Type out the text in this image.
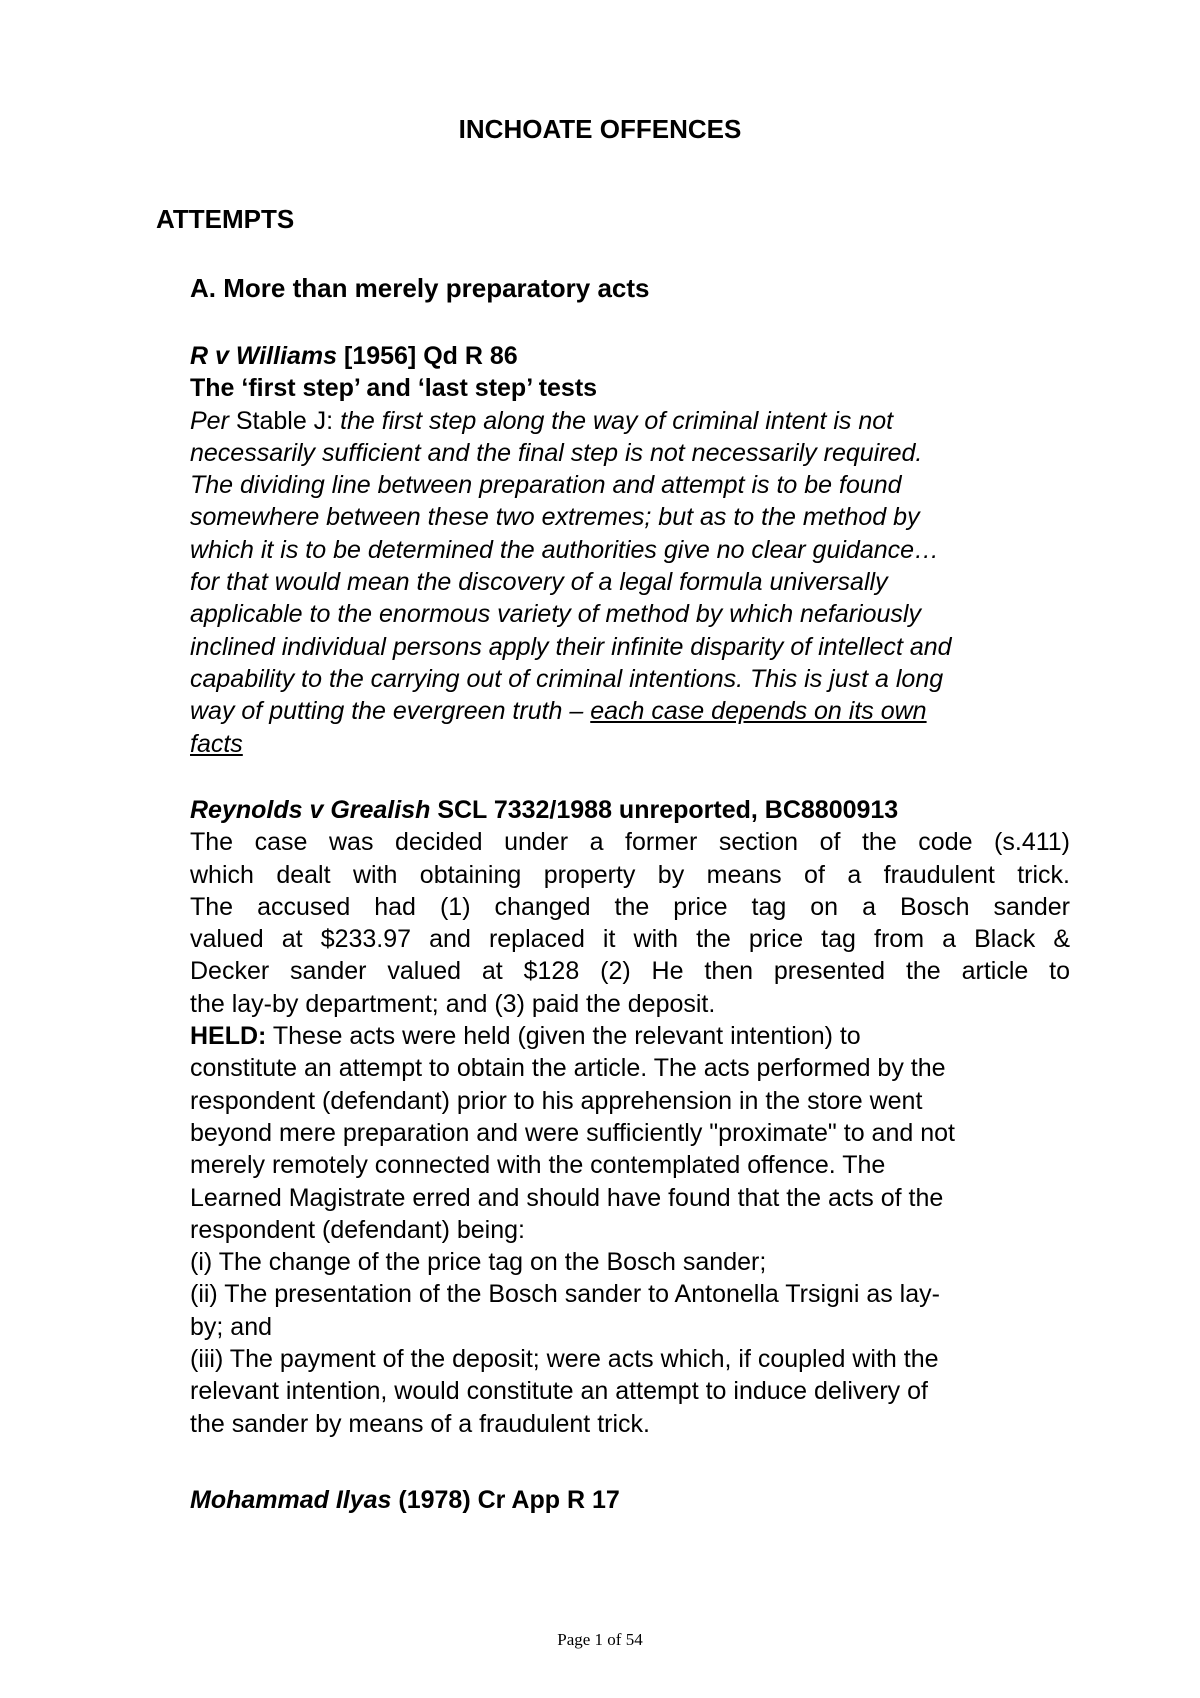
INCHOATE OFFENCES
ATTEMPTS
A. More than merely preparatory acts
R v Williams [1956] Qd R 86
The ‘first step’ and ‘last step’ tests
Per Stable J: the first step along the way of criminal intent is not
necessarily sufficient and the final step is not necessarily required.
The dividing line between preparation and attempt is to be found
somewhere between these two extremes; but as to the method by
which it is to be determined the authorities give no clear guidance…
for that would mean the discovery of a legal formula universally
applicable to the enormous variety of method by which nefariously
inclined individual persons apply their infinite disparity of intellect and
capability to the carrying out of criminal intentions. This is just a long
way of putting the evergreen truth – each case depends on its own
facts
Reynolds v Grealish SCL 7332/1988 unreported, BC8800913
The case was decided under a former section of the code (s.411)
which dealt with obtaining property by means of a fraudulent trick.
The accused had (1) changed the price tag on a Bosch sander
valued at $233.97 and replaced it with the price tag from a Black &
Decker sander valued at $128 (2) He then presented the article to
the lay-by department; and (3) paid the deposit.
HELD: These acts were held (given the relevant intention) to
constitute an attempt to obtain the article. The acts performed by the
respondent (defendant) prior to his apprehension in the store went
beyond mere preparation and were sufficiently "proximate" to and not
merely remotely connected with the contemplated offence. The
Learned Magistrate erred and should have found that the acts of the
respondent (defendant) being:
(i) The change of the price tag on the Bosch sander;
(ii) The presentation of the Bosch sander to Antonella Trsigni as lay-
by; and
(iii) The payment of the deposit; were acts which, if coupled with the
relevant intention, would constitute an attempt to induce delivery of
the sander by means of a fraudulent trick.
Mohammad Ilyas (1978) Cr App R 17
Page 1 of 54
